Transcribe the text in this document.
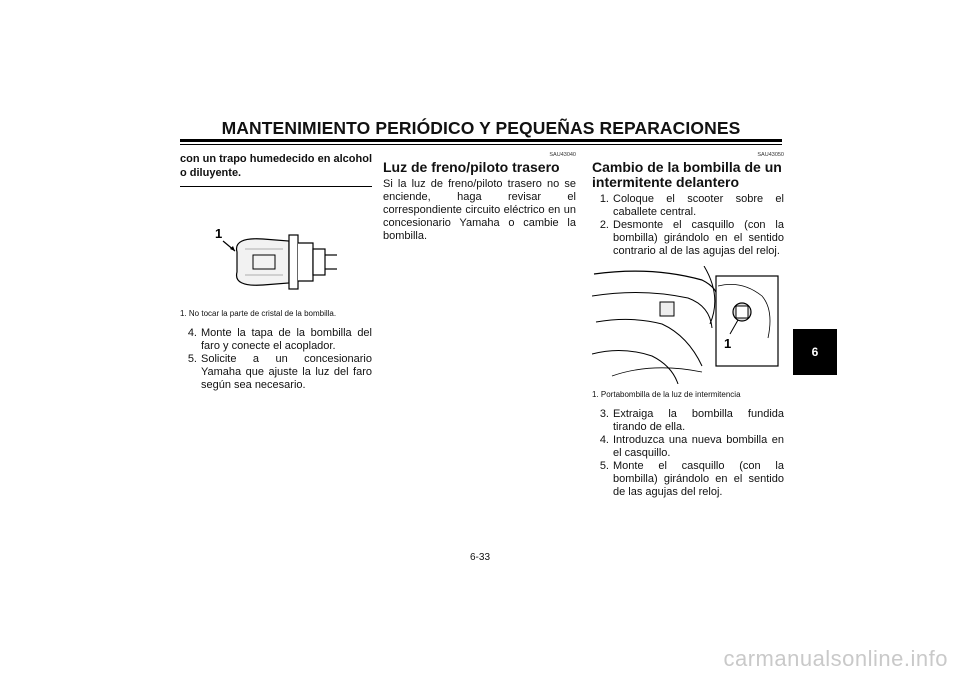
MANTENIMIENTO PERIÓDICO Y PEQUEÑAS REPARACIONES
con un trapo humedecido en alcohol o diluyente.
1
1. No tocar la parte de cristal de la bombilla.
4. Monte la tapa de la bombilla del faro y conecte el acoplador.
5. Solicite a un concesionario Yamaha que ajuste la luz del faro según sea necesario.
SAU43040
Luz de freno/piloto trasero
Si la luz de freno/piloto trasero no se enciende, haga revisar el correspondiente circuito eléctrico en un concesionario Yamaha o cambie la bombilla.
SAU43050
Cambio de la bombilla de un intermitente delantero
1. Coloque el scooter sobre el caballete central.
2. Desmonte el casquillo (con la bombilla) girándolo en el sentido contrario al de las agujas del reloj.
1
1. Portabombilla de la luz de intermitencia
3. Extraiga la bombilla fundida tirando de ella.
4. Introduzca una nueva bombilla en el casquillo.
5. Monte el casquillo (con la bombilla) girándolo en el sentido de las agujas del reloj.
6
6-33
carmanualsonline.info
